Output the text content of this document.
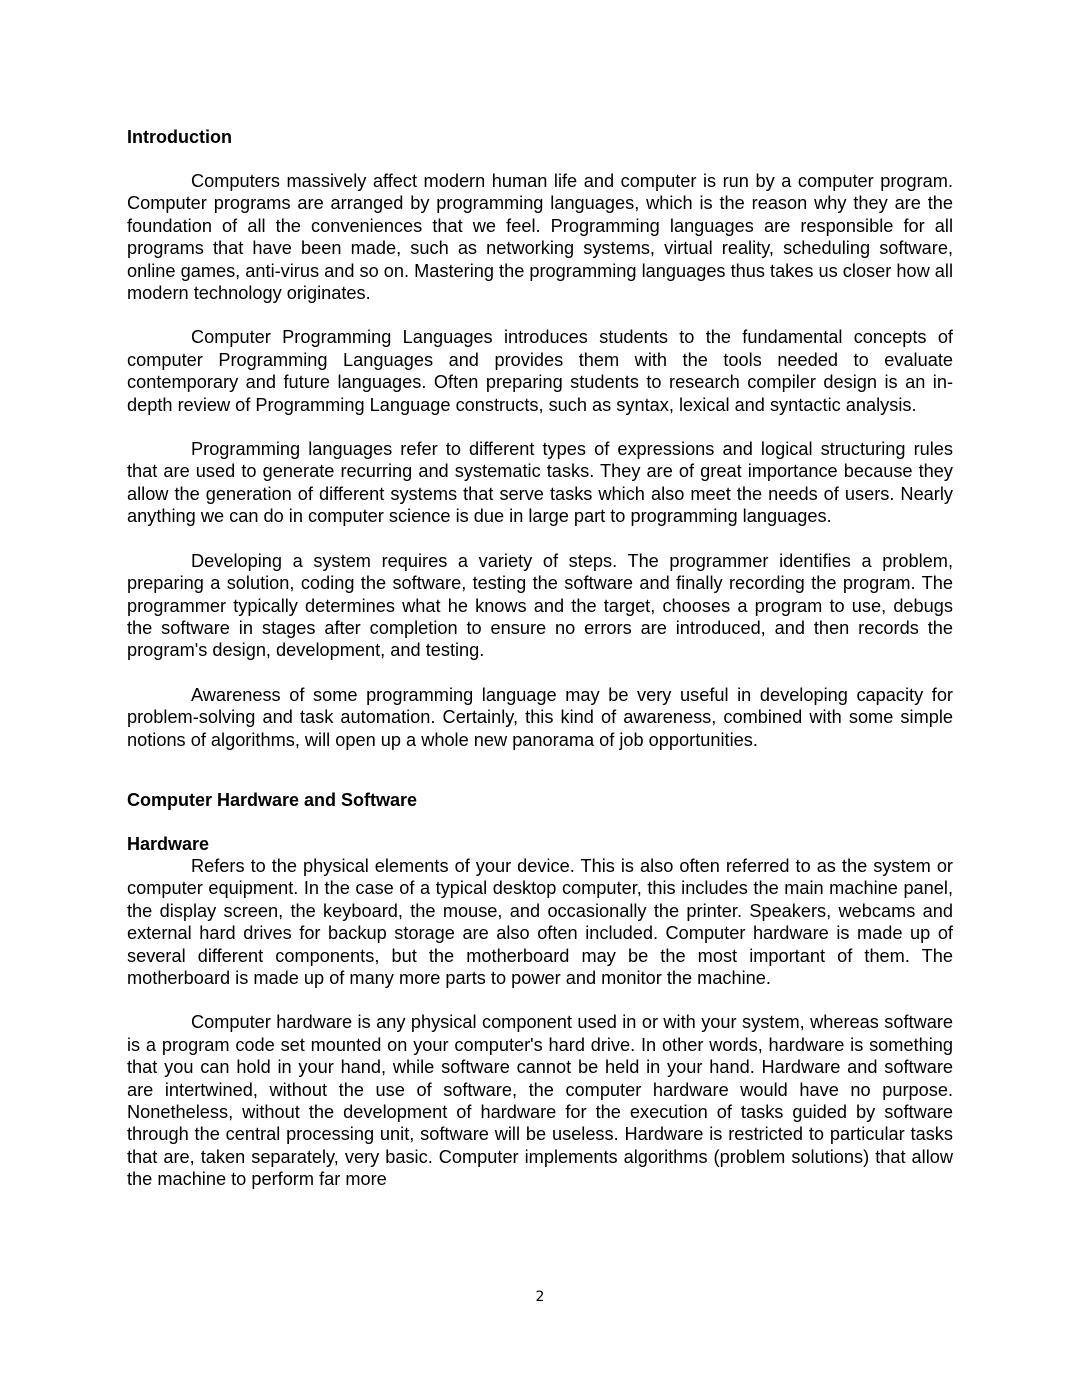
Introduction

Computers massively affect modern human life and computer is run by a computer program. Computer programs are arranged by programming languages, which is the reason why they are the foundation of all the conveniences that we feel. Programming languages are responsible for all programs that have been made, such as networking systems, virtual reality, scheduling software, online games, anti-virus and so on. Mastering the programming languages thus takes us closer how all modern technology originates.

Computer Programming Languages introduces students to the fundamental concepts of computer Programming Languages and provides them with the tools needed to evaluate contemporary and future languages. Often preparing students to research compiler design is an in-depth review of Programming Language constructs, such as syntax, lexical and syntactic analysis.

Programming languages refer to different types of expressions and logical structuring rules that are used to generate recurring and systematic tasks. They are of great importance because they allow the generation of different systems that serve tasks which also meet the needs of users. Nearly anything we can do in computer science is due in large part to programming languages.

Developing a system requires a variety of steps. The programmer identifies a problem, preparing a solution, coding the software, testing the software and finally recording the program. The programmer typically determines what he knows and the target, chooses a program to use, debugs the software in stages after completion to ensure no errors are introduced, and then records the program's design, development, and testing.

Awareness of some programming language may be very useful in developing capacity for problem-solving and task automation. Certainly, this kind of awareness, combined with some simple notions of algorithms, will open up a whole new panorama of job opportunities.

Computer Hardware and Software
Hardware

Refers to the physical elements of your device. This is also often referred to as the system or computer equipment. In the case of a typical desktop computer, this includes the main machine panel, the display screen, the keyboard, the mouse, and occasionally the printer. Speakers, webcams and external hard drives for backup storage are also often included. Computer hardware is made up of several different components, but the motherboard may be the most important of them. The motherboard is made up of many more parts to power and monitor the machine.

Computer hardware is any physical component used in or with your system, whereas software is a program code set mounted on your computer's hard drive. In other words, hardware is something that you can hold in your hand, while software cannot be held in your hand. Hardware and software are intertwined, without the use of software, the computer hardware would have no purpose. Nonetheless, without the development of hardware for the execution of tasks guided by software through the central processing unit, software will be useless. Hardware is restricted to particular tasks that are, taken separately, very basic. Computer implements algorithms (problem solutions) that allow the machine to perform far more

2
